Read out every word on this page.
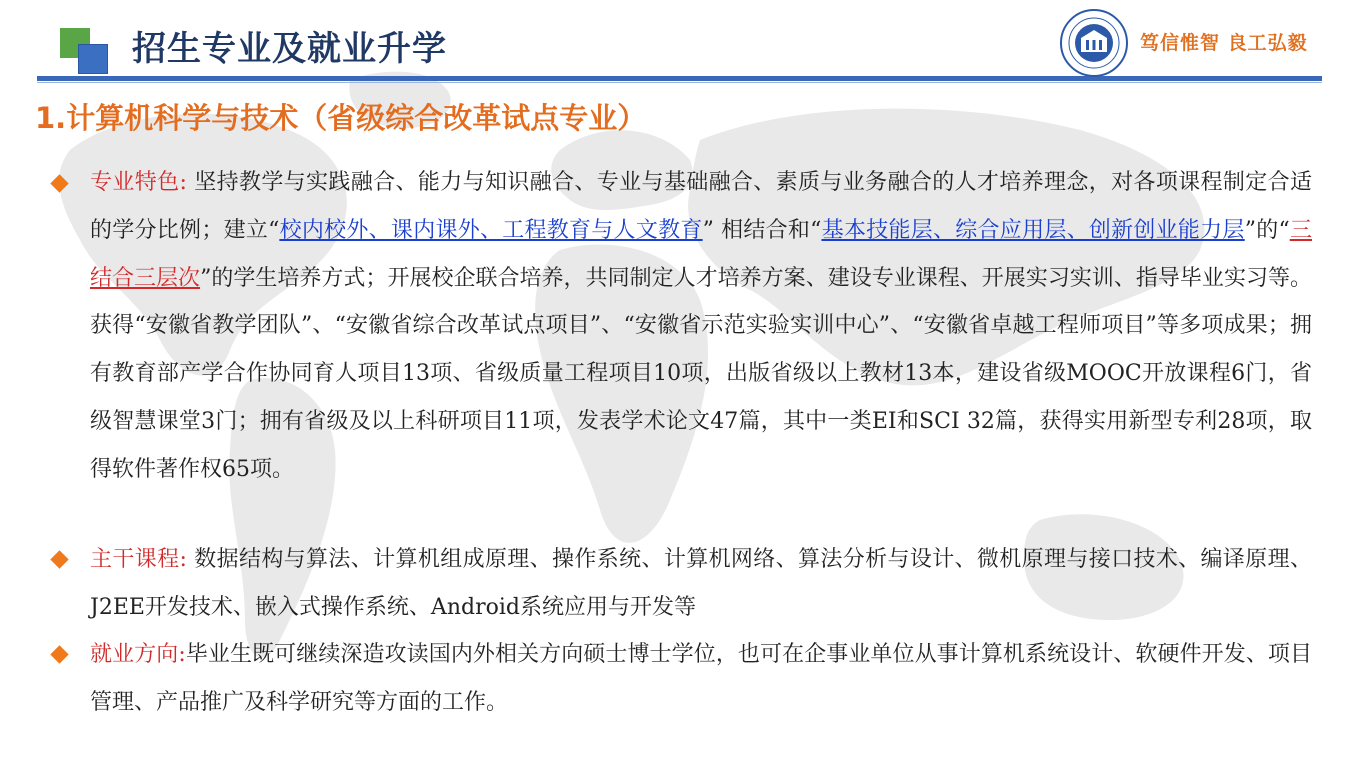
招生专业及就业升学	笃信惟智 良工弘毅
1.计算机科学与技术（省级综合改革试点专业）

专业特色: 坚持教学与实践融合、能力与知识融合、专业与基础融合、素质与业务融合的人才培养理念，对各项课程制定合适的学分比例；建立“校内校外、课内课外、工程教育与人文教育” 相结合和“基本技能层、综合应用层、创新创业能力层”的“三结合三层次”的学生培养方式；开展校企联合培养，共同制定人才培养方案、建设专业课程、开展实习实训、指导毕业实习等。获得“安徽省教学团队”、“安徽省综合改革试点项目”、“安徽省示范实验实训中心”、“安徽省卓越工程师项目”等多项成果；拥有教育部产学合作协同育人项目13项、省级质量工程项目10项，出版省级以上教材13本，建设省级MOOC开放课程6门，省级智慧课堂3门；拥有省级及以上科研项目11项，发表学术论文47篇，其中一类EI和SCI 32篇，获得实用新型专利28项，取得软件著作权65项。

主干课程: 数据结构与算法、计算机组成原理、操作系统、计算机网络、算法分析与设计、微机原理与接口技术、编译原理、 J2EE开发技术、嵌入式操作系统、Android系统应用与开发等

就业方向:毕业生既可继续深造攻读国内外相关方向硕士博士学位，也可在企事业单位从事计算机系统设计、软硬件开发、项目管理、产品推广及科学研究等方面的工作。
